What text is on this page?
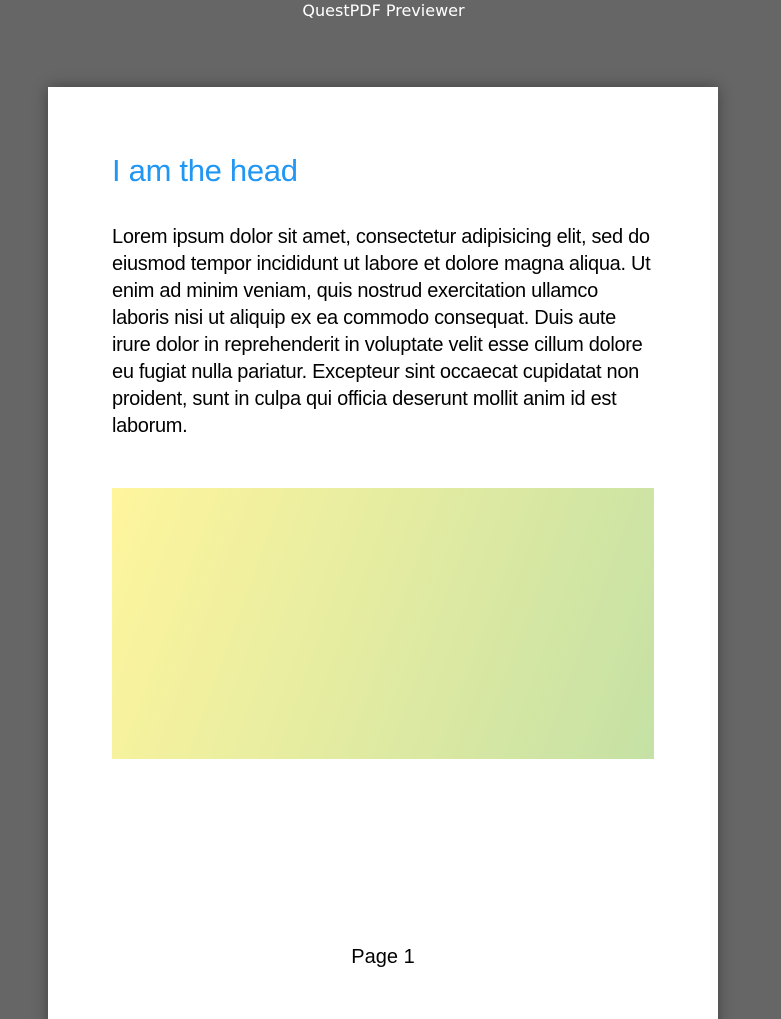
QuestPDF Previewer
I am the head

Lorem ipsum dolor sit amet, consectetur adipisicing elit, sed do eiusmod tempor incididunt ut labore et dolore magna aliqua. Ut enim ad minim veniam, quis nostrud exercitation ullamco laboris nisi ut aliquip ex ea commodo consequat. Duis aute irure dolor in reprehenderit in voluptate velit esse cillum dolore eu fugiat nulla pariatur. Excepteur sint occaecat cupidatat non proident, sunt in culpa qui officia deserunt mollit anim id est laborum.

Page 1
